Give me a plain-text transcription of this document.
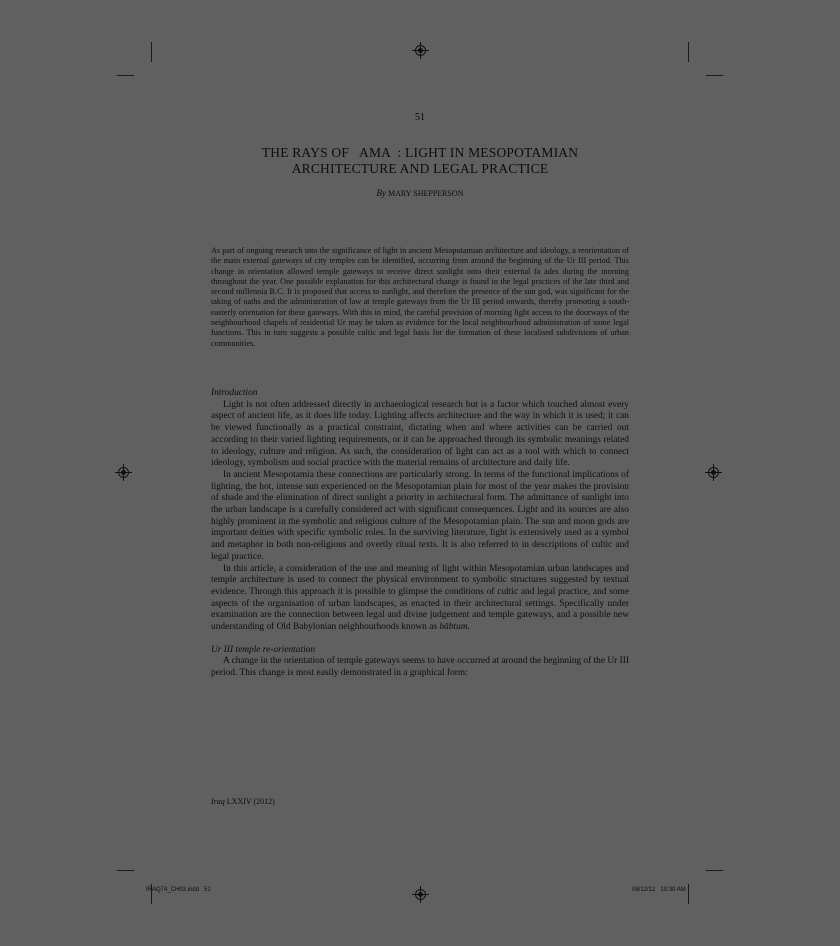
51
THE RAYS OF   AMA  : LIGHT IN MESOPOTAMIAN
ARCHITECTURE AND LEGAL PRACTICE
By MARY SHEPPERSON
As part of ongoing research into the significance of light in ancient Mesopotamian architecture and ideology, a reorientation of the main external gateways of city temples can be identified, occurring from around the beginning of the Ur III period. This change in orientation allowed temple gateways to receive direct sunlight onto their external fa ades during the morning throughout the year. One possible explanation for this architectural change is found in the legal practices of the late third and second millennia B.C. It is proposed that access to sunlight, and therefore the presence of the sun god, was significant for the taking of oaths and the administration of law at temple gateways from the Ur III period onwards, thereby promoting a south-easterly orientation for these gateways. With this in mind, the careful provision of morning light access to the doorways of the neighbourhood chapels of residential Ur may be taken as evidence for the local neighbourhood administration of some legal functions. This in turn suggests a possible cultic and legal basis for the formation of these localised subdivisions of urban communities.

Introduction

Light is not often addressed directly in archaeological research but is a factor which touched almost every aspect of ancient life, as it does life today. Lighting affects architecture and the way in which it is used; it can be viewed functionally as a practical constraint, dictating when and where activities can be carried out according to their varied lighting requirements, or it can be approached through its symbolic meanings related to ideology, culture and religion. As such, the consideration of light can act as a tool with which to connect ideology, symbolism and social practice with the material remains of architecture and daily life.

In ancient Mesopotamia these connections are particularly strong. In terms of the functional implications of lighting, the hot, intense sun experienced on the Mesopotamian plain for most of the year makes the provision of shade and the elimination of direct sunlight a priority in architectural form. The admittance of sunlight into the urban landscape is a carefully considered act with significant consequences. Light and its sources are also highly prominent in the symbolic and religious culture of the Mesopotamian plain. The sun and moon gods are important deities with specific symbolic roles. In the surviving literature, light is extensively used as a symbol and metaphor in both non-religious and overtly ritual texts. It is also referred to in descriptions of cultic and legal practice.

In this article, a consideration of the use and meaning of light within Mesopotamian urban landscapes and temple architecture is used to connect the physical environment to symbolic structures suggested by textual evidence. Through this approach it is possible to glimpse the conditions of cultic and legal practice, and some aspects of the organisation of urban landscapes, as enacted in their architectural settings. Specifically under examination are the connection between legal and divine judgement and temple gateways, and a possible new understanding of Old Babylonian neighbourhoods known as bābtum.

Ur III temple re-orientation

A change in the orientation of temple gateways seems to have occurred at around the beginning of the Ur III period. This change is most easily demonstrated in a graphical form:

Iraq LXXIV (2012)
IRAQ74_CH03.indd   51	08/12/12   10:30 AM
